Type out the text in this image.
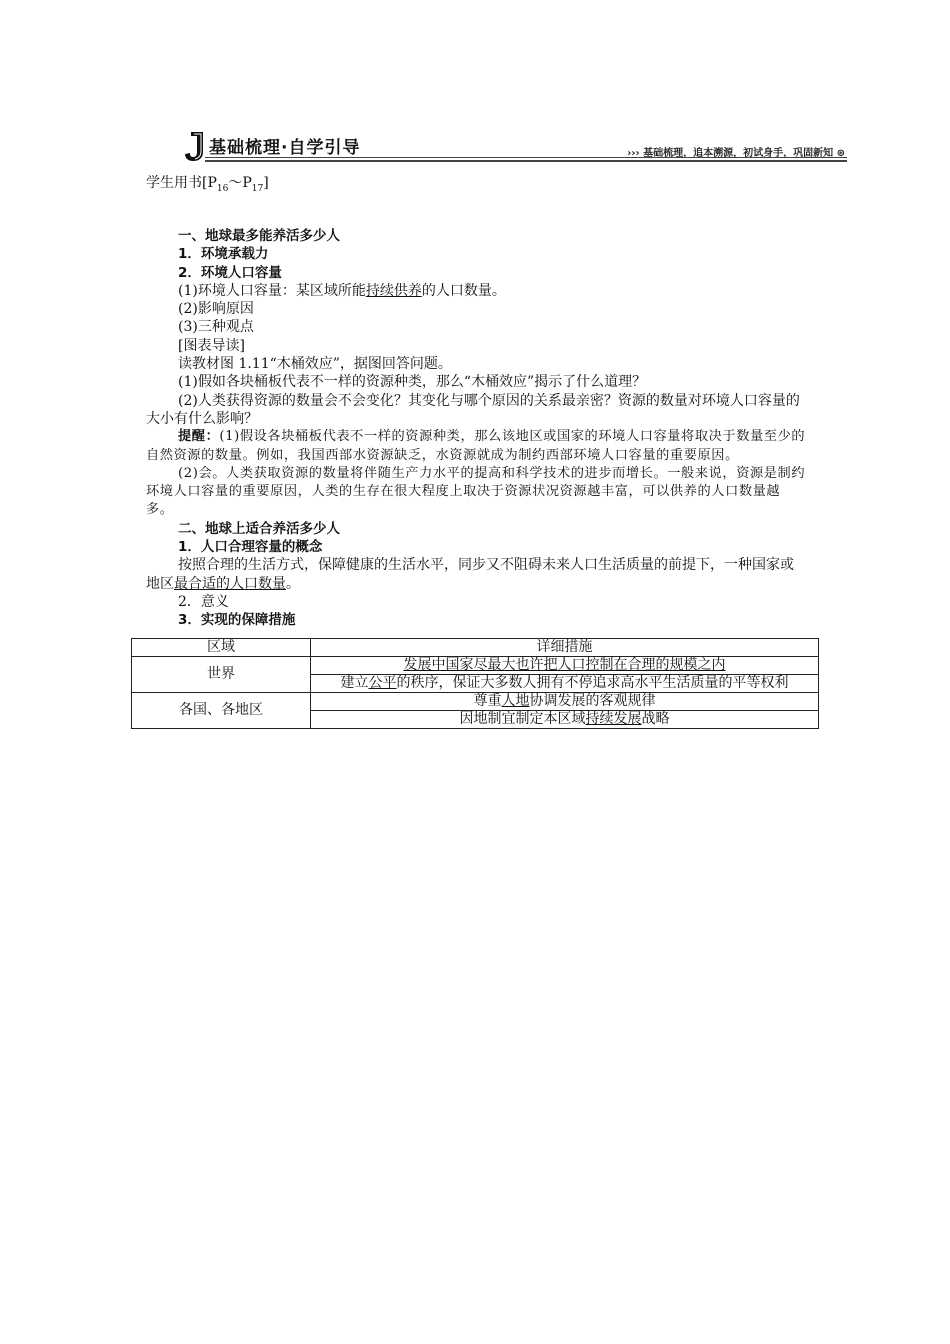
基础梳理·自学引导	››› 基础梳理，追本溯源，初试身手，巩固新知 ⊛
学生用书$[P_{16}\sim P_{17}]$

一、地球最多能养活多少人

1．环境承载力

2．环境人口容量

(1)环境人口容量：某区域所能持续供养的人口数量。

(2)影响原因

(3)三种观点

[图表导读]

读教材图 1.11“木桶效应”，据图回答问题。

(1)假如各块桶板代表不一样的资源种类，那么“木桶效应”揭示了什么道理？

(2)人类获得资源的数量会不会变化？其变化与哪个原因的关系最亲密？资源的数量对环境人口容量的大小有什么影响？

提醒：(1)假设各块桶板代表不一样的资源种类，那么该地区或国家的环境人口容量将取决于数量至少的自然资源的数量。例如，我国西部水资源缺乏，水资源就成为制约西部环境人口容量的重要原因。

(2)会。人类获取资源的数量将伴随生产力水平的提高和科学技术的进步而增长。一般来说，资源是制约环境人口容量的重要原因，人类的生存在很大程度上取决于资源状况资源越丰富，可以供养的人口数量越多。

二、地球上适合养活多少人

1．人口合理容量的概念

按照合理的生活方式，保障健康的生活水平，同步又不阻碍未来人口生活质量的前提下，一种国家或地区最合适的人口数量。

2．意义

3．实现的保障措施

区域	详细措施
世界	发展中国家尽最大也许把人口控制在合理的规模之内
	建立公平的秩序，保证大多数人拥有不停追求高水平生活质量的平等权利
各国、各地区	尊重人地协调发展的客观规律
	因地制宜制定本区域持续发展战略
